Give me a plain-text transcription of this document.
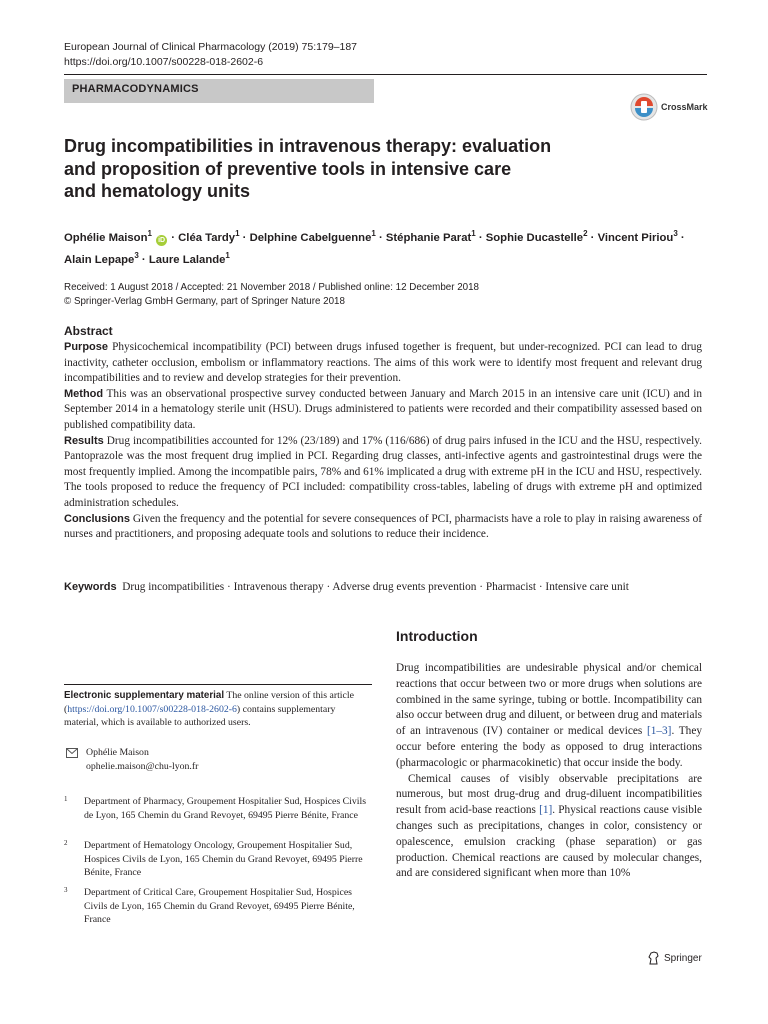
European Journal of Clinical Pharmacology (2019) 75:179–187
https://doi.org/10.1007/s00228-018-2602-6
PHARMACODYNAMICS
CrossMark
Drug incompatibilities in intravenous therapy: evaluation
and proposition of preventive tools in intensive care
and hematology units
Ophélie Maison$^1$ iD · Cléa Tardy$^1$ · Delphine Cabelguenne$^1$ · Stéphanie Parat$^1$ · Sophie Ducastelle$^2$ · Vincent Piriou$^3$ ·
Alain Lepape$^3$ · Laure Lalande$^1$
Received: 1 August 2018 / Accepted: 21 November 2018 / Published online: 12 December 2018
© Springer-Verlag GmbH Germany, part of Springer Nature 2018
Abstract
Purpose Physicochemical incompatibility (PCI) between drugs infused together is frequent, but under-recognized. PCI can lead to drug inactivity, catheter occlusion, embolism or inflammatory reactions. The aims of this work were to identify most frequent and relevant drug incompatibilities and to review and develop strategies for their prevention.
Method This was an observational prospective survey conducted between January and March 2015 in an intensive care unit (ICU) and in September 2014 in a hematology sterile unit (HSU). Drugs administered to patients were recorded and their compatibility assessed based on published compatibility data.
Results Drug incompatibilities accounted for 12% (23/189) and 17% (116/686) of drug pairs infused in the ICU and the HSU, respectively. Pantoprazole was the most frequent drug implied in PCI. Regarding drug classes, anti-infective agents and gastrointestinal drugs were the most frequently implied. Among the incompatible pairs, 78% and 61% implicated a drug with extreme pH in the ICU and HSU, respectively. The tools proposed to reduce the frequency of PCI included: compatibility cross-tables, labeling of drugs with extreme pH and optimized administration schedules.
Conclusions Given the frequency and the potential for severe consequences of PCI, pharmacists have a role to play in raising awareness of nurses and practitioners, and proposing adequate tools and solutions to reduce their incidence.
Keywords Drug incompatibilities · Intravenous therapy · Adverse drug events prevention · Pharmacist · Intensive care unit
Introduction

Drug incompatibilities are undesirable physical and/or chemical reactions that occur between two or more drugs when solutions are combined in the same syringe, tubing or bottle. Incompatibility can also occur between drug and diluent, or between drug and materials of an intravenous (IV) container or medical devices [1–3]. They occur before entering the body as opposed to drug interactions (pharmacologic or pharmacokinetic) that occur inside the body.

Chemical causes of visibly observable precipitations are numerous, but most drug-drug and drug-diluent incompatibilities result from acid-base reactions [1]. Physical reactions cause visible changes such as precipitations, changes in color, consistency or opalescence, emulsion cracking (phase separation) or gas production. Chemical reactions are caused by molecular changes, and are considered significant when more than 10%

Electronic supplementary material The online version of this article (https://doi.org/10.1007/s00228-018-2602-6) contains supplementary material, which is available to authorized users.
Ophélie Maison
ophelie.maison@chu-lyon.fr
1	Department of Pharmacy, Groupement Hospitalier Sud, Hospices Civils de Lyon, 165 Chemin du Grand Revoyet, 69495 Pierre Bénite, France
2	Department of Hematology Oncology, Groupement Hospitalier Sud, Hospices Civils de Lyon, 165 Chemin du Grand Revoyet, 69495 Pierre Bénite, France
3	Department of Critical Care, Groupement Hospitalier Sud, Hospices Civils de Lyon, 165 Chemin du Grand Revoyet, 69495 Pierre Bénite, France
Springer
